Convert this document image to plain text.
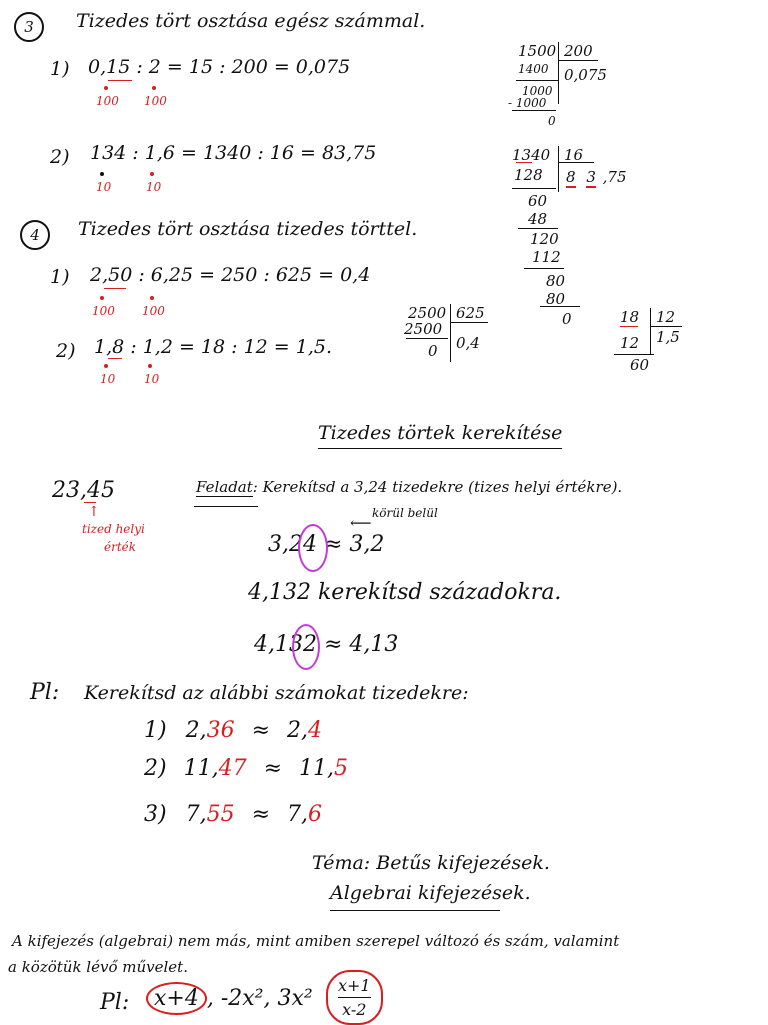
3 Tizedes tört osztása egész számmal.
1) 0,15 : 2 = 15 : 200 = 0,075
100 100
2) 134 : 1,6 = 1340 : 16 = 83,75
10	10
1500
1400
1000
- 1000
0
200
0,075
1340
128
60
48
120
112
80
80
0
16
8 3 ,75
4 Tizedes tört osztása tizedes törttel.
1) 2,50 : 6,25 = 250 : 625 = 0,4
100 100
2) 1,8 : 1,2 = 18 : 12 = 1,5.
10 10
2500
2500
0
625
0,4
18
12
60
12
1,5
Tizedes törtek kerekítése
23,45
↑
tized helyi
érték
Feladat: Kerekítsd a 3,24 tizedekre (tizes helyi értékre).
körül belül
⟵
3,24 ≈ 3,2
4,132 kerekítsd századokra.
4,132 ≈ 4,13
Pl: Kerekítsd az alábbi számokat tizedekre:
1) 2,36 ≈ 2,4
2) 11,47 ≈ 11,5
3) 7,55 ≈ 7,6
Téma: Betűs kifejezések.
Algebrai kifejezések.
A kifejezés (algebrai) nem más, mint amiben szerepel változó és szám, valamint
a közötük lévő művelet.
Pl:	x+4 , -2x², $3x^2 \frac{x+1}{x-2}$
